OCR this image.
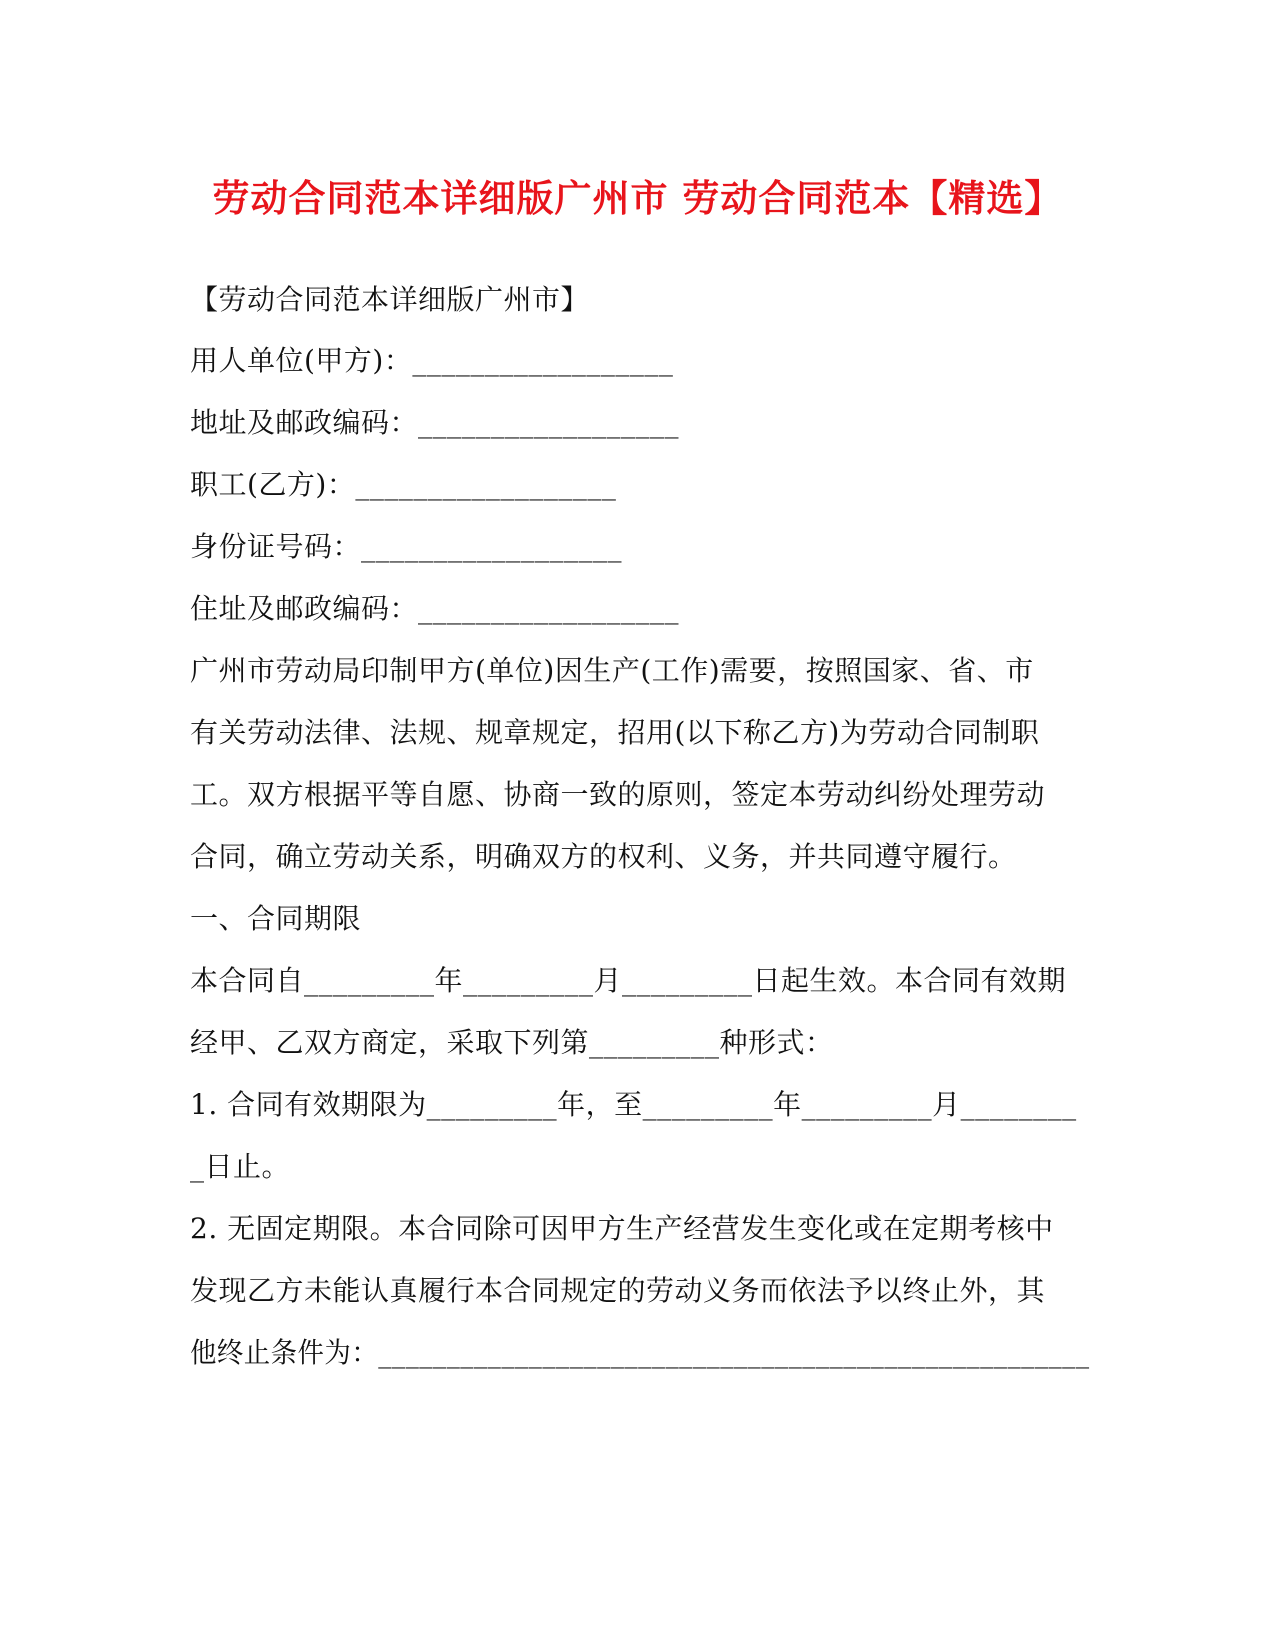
劳动合同范本详细版广州市 劳动合同范本【精选】
【劳动合同范本详细版广州市】
用人单位(甲方)：__________________
地址及邮政编码：__________________
职工(乙方)：__________________
身份证号码：__________________
住址及邮政编码：__________________
广州市劳动局印制甲方(单位)因生产(工作)需要，按照国家、省、市
有关劳动法律、法规、规章规定，招用(以下称乙方)为劳动合同制职
工。双方根据平等自愿、协商一致的原则，签定本劳动纠纷处理劳动
合同，确立劳动关系，明确双方的权利、义务，并共同遵守履行。
一、合同期限
本合同自_________年_________月_________日起生效。本合同有效期
经甲、乙双方商定，采取下列第_________种形式：
1. 合同有效期限为_________年，至_________年_________月________
_日止。
2. 无固定期限。本合同除可因甲方生产经营发生变化或在定期考核中
发现乙方未能认真履行本合同规定的劳动义务而依法予以终止外，其
他终止条件为：____________________________________________________
